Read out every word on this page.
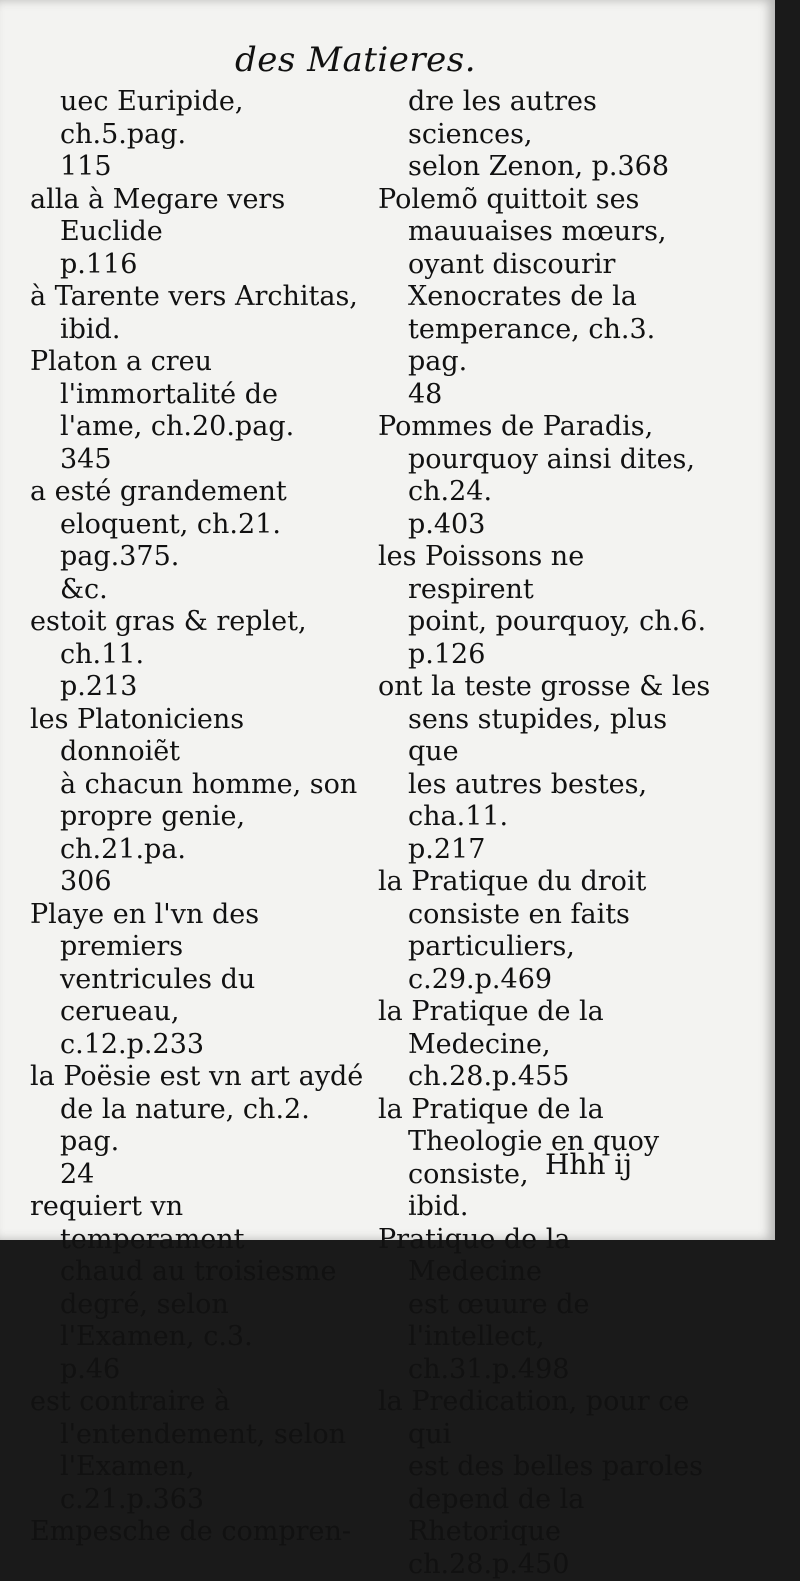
des Matieres.

uec Euripide, ch.5.pag.
115

alla à Megare vers Euclide
p.116

à Tarente vers Architas,
ibid.

Platon a creu l'immortalité de l'ame, ch.20.pag.
345

a esté grandement eloquent, ch.21. pag.375.
&c.

estoit gras & replet, ch.11.
p.213

les Platoniciens donnoiẽt
à chacun homme, son
propre genie, ch.21.pa.
306

Playe en l'vn des premiers
ventricules du cerueau,
c.12.p.233

la Poësie est vn art aydé
de la nature, ch.2. pag.
24

requiert vn temperament
chaud au troisiesme degré, selon l'Examen, c.3.
p.46

est contraire à l'entendement, selon l'Examen,
c.21.p.363

Empesche de compren-

dre les autres sciences,
selon Zenon, p.368

Polemõ quittoit ses mauuaises mœurs, oyant discourir Xenocrates de la
temperance, ch.3. pag.
48

Pommes de Paradis, pourquoy ainsi dites, ch.24.
p.403

les Poissons ne respirent
point, pourquoy, ch.6.
p.126

ont la teste grosse & les
sens stupides, plus que
les autres bestes, cha.11.
p.217

la Pratique du droit consiste en faits particuliers,
c.29.p.469

la Pratique de la Medecine, ch.28.p.455

la Pratique de la Theologie en quoy consiste,
ibid.

Pratique de la Medecine
est œuure de l'intellect,
ch.31.p.498

la Predication, pour ce qui
est des belles paroles
depend de la Rhetorique ch.28.p.450

Hhh ij
